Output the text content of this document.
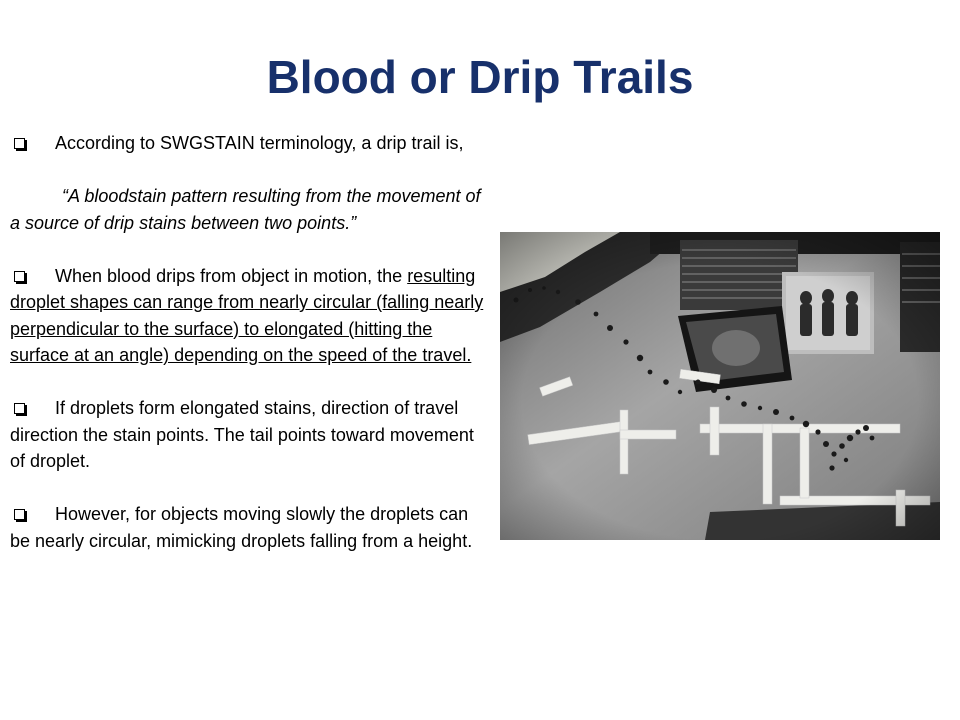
Blood or Drip Trails

According to SWGSTAIN terminology, a drip trail is,

“A bloodstain pattern resulting from the movement of a source of drip stains between two points.”

When blood drips from object in motion, the resulting droplet shapes can range from nearly circular (falling nearly perpendicular to the surface) to elongated (hitting the surface at an angle) depending on the speed of the travel.

If droplets form elongated stains, direction of travel direction the stain points. The tail points toward movement of droplet.

However, for objects moving slowly the droplets can be nearly circular, mimicking droplets falling from a height.
